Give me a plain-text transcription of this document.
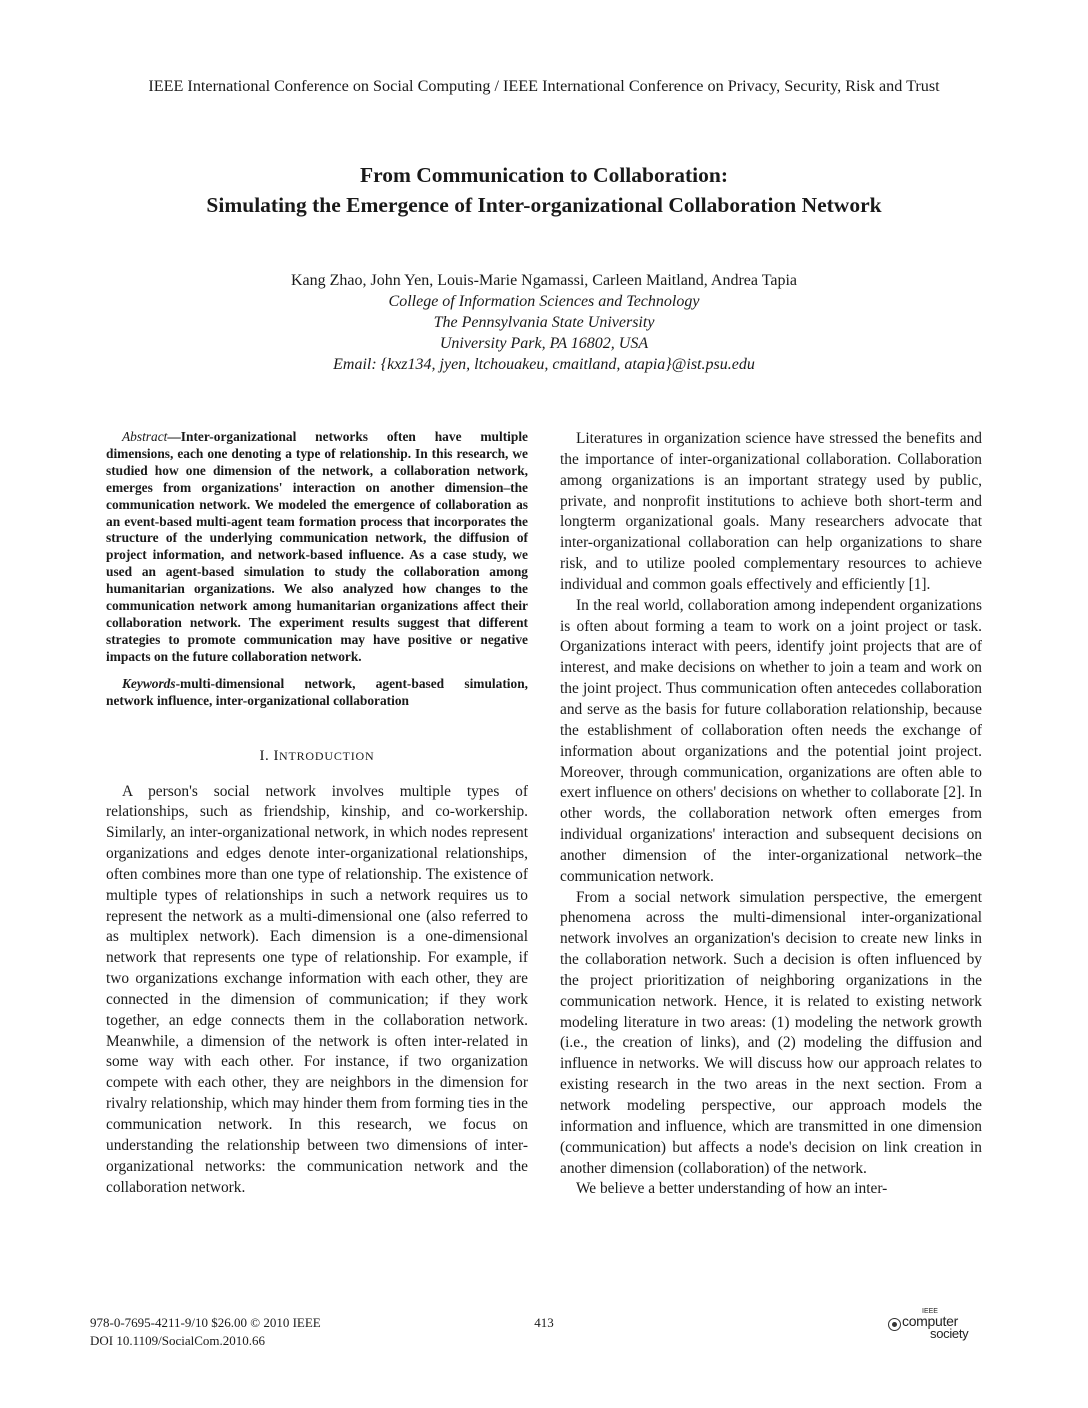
IEEE International Conference on Social Computing / IEEE International Conference on Privacy, Security, Risk and Trust
From Communication to Collaboration:
Simulating the Emergence of Inter-organizational Collaboration Network
Kang Zhao, John Yen, Louis-Marie Ngamassi, Carleen Maitland, Andrea Tapia
College of Information Sciences and Technology
The Pennsylvania State University
University Park, PA 16802, USA
Email: {kxz134, jyen, ltchouakeu, cmaitland, atapia}@ist.psu.edu

Abstract—Inter-organizational networks often have multiple dimensions, each one denoting a type of relationship. In this research, we studied how one dimension of the network, a collaboration network, emerges from organizations' interaction on another dimension–the communication network. We modeled the emergence of collaboration as an event-based multi-agent team formation process that incorporates the structure of the underlying communication network, the diffusion of project information, and network-based influence. As a case study, we used an agent-based simulation to study the collaboration among humanitarian organizations. We also analyzed how changes to the communication network among humanitarian organizations affect their collaboration network. The experiment results suggest that different strategies to promote communication may have positive or negative impacts on the future collaboration network.

Keywords-multi-dimensional network, agent-based simulation, network influence, inter-organizational collaboration

I. INTRODUCTION

A person's social network involves multiple types of relationships, such as friendship, kinship, and co-workership. Similarly, an inter-organizational network, in which nodes represent organizations and edges denote inter-organizational relationships, often combines more than one type of relationship. The existence of multiple types of relationships in such a network requires us to represent the network as a multi-dimensional one (also referred to as multiplex network). Each dimension is a one-dimensional network that represents one type of relationship. For example, if two organizations exchange information with each other, they are connected in the dimension of communication; if they work together, an edge connects them in the collaboration network. Meanwhile, a dimension of the network is often inter-related in some way with each other. For instance, if two organization compete with each other, they are neighbors in the dimension for rivalry relationship, which may hinder them from forming ties in the communication network. In this research, we focus on understanding the relationship between two dimensions of inter-organizational networks: the communication network and the collaboration network.

Literatures in organization science have stressed the benefits and the importance of inter-organizational collaboration. Collaboration among organizations is an important strategy used by public, private, and nonprofit institutions to achieve both short-term and longterm organizational goals. Many researchers advocate that inter-organizational collaboration can help organizations to share risk, and to utilize pooled complementary resources to achieve individual and common goals effectively and efficiently [1].

In the real world, collaboration among independent organizations is often about forming a team to work on a joint project or task. Organizations interact with peers, identify joint projects that are of interest, and make decisions on whether to join a team and work on the joint project. Thus communication often antecedes collaboration and serve as the basis for future collaboration relationship, because the establishment of collaboration often needs the exchange of information about organizations and the potential joint project. Moreover, through communication, organizations are often able to exert influence on others' decisions on whether to collaborate [2]. In other words, the collaboration network often emerges from individual organizations' interaction and subsequent decisions on another dimension of the inter-organizational network–the communication network.

From a social network simulation perspective, the emergent phenomena across the multi-dimensional inter-organizational network involves an organization's decision to create new links in the collaboration network. Such a decision is often influenced by the project prioritization of neighboring organizations in the communication network. Hence, it is related to existing network modeling literature in two areas: (1) modeling the network growth (i.e., the creation of links), and (2) modeling the diffusion and influence in networks. We will discuss how our approach relates to existing research in the two areas in the next section. From a network modeling perspective, our approach models the information and influence, which are transmitted in one dimension (communication) but affects a node's decision on link creation in another dimension (collaboration) of the network.

We believe a better understanding of how an inter-

978-0-7695-4211-9/10 $26.00 © 2010 IEEE
DOI 10.1109/SocialCom.2010.66
413
IEEE
computer
society
